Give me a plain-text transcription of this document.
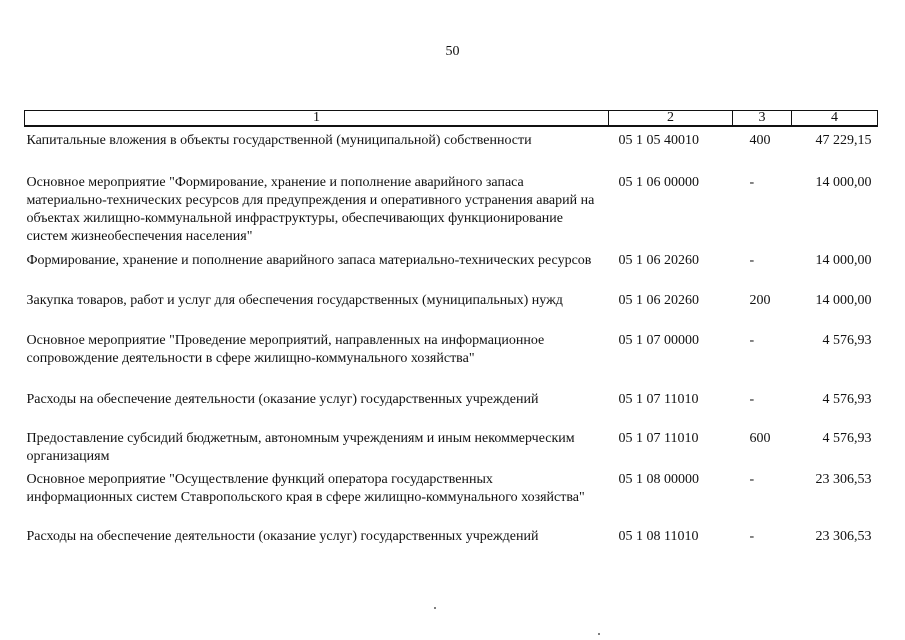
50
1	2	3	4
Капитальные вложения в объекты государственной (муниципальной) собственности	05 1 05 40010	400	47 229,15
Основное мероприятие "Формирование, хранение и пополнение аварийного запаса материально-технических ресурсов для предупреждения и оперативного устранения аварий на объектах жилищно-коммунальной инфраструктуры, обеспечивающих функционирование систем жизнеобеспечения населения"	05 1 06 00000	-	14 000,00
Формирование, хранение и пополнение аварийного запаса материально-технических ресурсов	05 1 06 20260	-	14 000,00
Закупка товаров, работ и услуг для обеспечения государственных (муниципальных) нужд	05 1 06 20260	200	14 000,00
Основное мероприятие "Проведение мероприятий, направленных на информационное сопровождение деятельности в сфере жилищно-коммунального хозяйства"	05 1 07 00000	-	4 576,93
Расходы на обеспечение деятельности (оказание услуг) государственных учреждений	05 1 07 11010	-	4 576,93
Предоставление субсидий бюджетным, автономным учреждениям и иным некоммерческим организациям	05 1 07 11010	600	4 576,93
Основное мероприятие "Осуществление функций оператора государственных информационных систем Ставропольского края в сфере жилищно-коммунального хозяйства"	05 1 08 00000	-	23 306,53
Расходы на обеспечение деятельности (оказание услуг) государственных учреждений	05 1 08 11010	-	23 306,53
